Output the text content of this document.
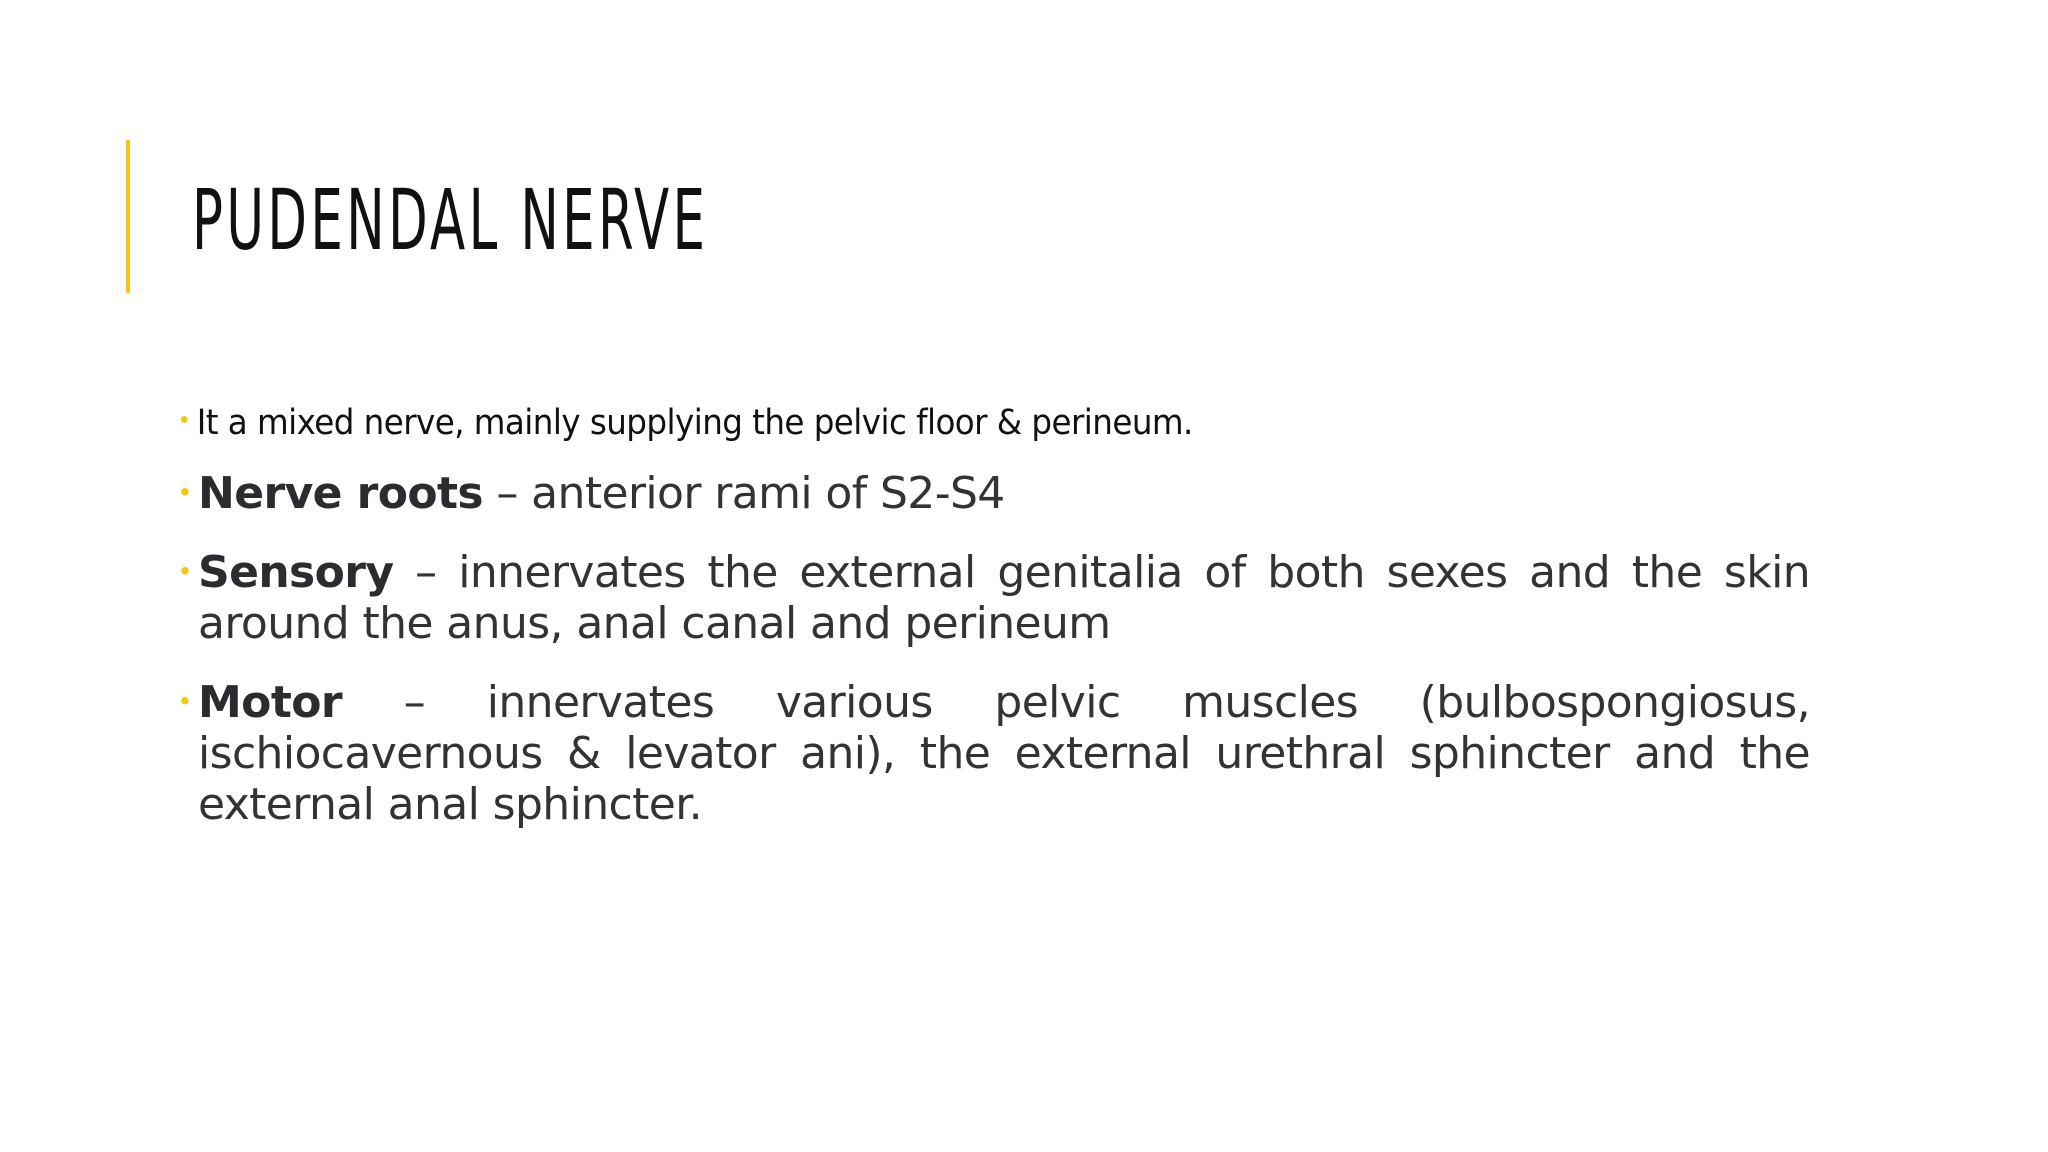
PUDENDAL NERVE
• It a mixed nerve, mainly supplying the pelvic floor & perineum.
• Nerve roots – anterior rami of S2-S4
• Sensory – innervates the external genitalia of both sexes and the skin around the anus, anal canal and perineum
• Motor – innervates various pelvic muscles (bulbospongiosus, ischiocavernous & levator ani), the external urethral sphincter and the external anal sphincter.
